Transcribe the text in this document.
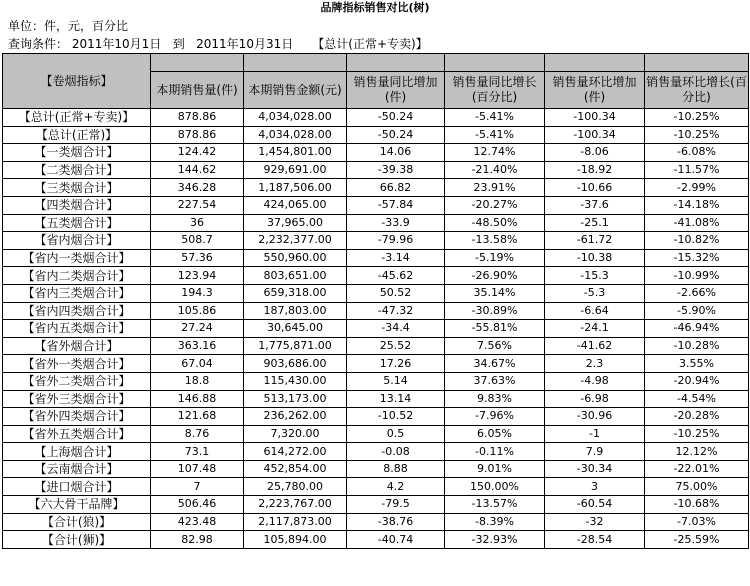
品牌指标销售对比(树)
单位：件，元，百分比
查询条件： 2011年10月1日   到   2011年10月31日     【总计(正常+专卖)】
【卷烟指标】						
	本期销售量(件)	本期销售金额(元)	销售量同比增加(件)	销售量同比增长(百分比)	销售量环比增加(件)	销售量环比增长(百分比)
【总计(正常+专卖)】	878.86	4,034,028.00	-50.24	-5.41%	-100.34	-10.25%
【总计(正常)】	878.86	4,034,028.00	-50.24	-5.41%	-100.34	-10.25%
【一类烟合计】	124.42	1,454,801.00	14.06	12.74%	-8.06	-6.08%
【二类烟合计】	144.62	929,691.00	-39.38	-21.40%	-18.92	-11.57%
【三类烟合计】	346.28	1,187,506.00	66.82	23.91%	-10.66	-2.99%
【四类烟合计】	227.54	424,065.00	-57.84	-20.27%	-37.6	-14.18%
【五类烟合计】	36	37,965.00	-33.9	-48.50%	-25.1	-41.08%
【省内烟合计】	508.7	2,232,377.00	-79.96	-13.58%	-61.72	-10.82%
【省内一类烟合计】	57.36	550,960.00	-3.14	-5.19%	-10.38	-15.32%
【省内二类烟合计】	123.94	803,651.00	-45.62	-26.90%	-15.3	-10.99%
【省内三类烟合计】	194.3	659,318.00	50.52	35.14%	-5.3	-2.66%
【省内四类烟合计】	105.86	187,803.00	-47.32	-30.89%	-6.64	-5.90%
【省内五类烟合计】	27.24	30,645.00	-34.4	-55.81%	-24.1	-46.94%
【省外烟合计】	363.16	1,775,871.00	25.52	7.56%	-41.62	-10.28%
【省外一类烟合计】	67.04	903,686.00	17.26	34.67%	2.3	3.55%
【省外二类烟合计】	18.8	115,430.00	5.14	37.63%	-4.98	-20.94%
【省外三类烟合计】	146.88	513,173.00	13.14	9.83%	-6.98	-4.54%
【省外四类烟合计】	121.68	236,262.00	-10.52	-7.96%	-30.96	-20.28%
【省外五类烟合计】	8.76	7,320.00	0.5	6.05%	-1	-10.25%
【上海烟合计】	73.1	614,272.00	-0.08	-0.11%	7.9	12.12%
【云南烟合计】	107.48	452,854.00	8.88	9.01%	-30.34	-22.01%
【进口烟合计】	7	25,780.00	4.2	150.00%	3	75.00%
【六大骨干品牌】	506.46	2,223,767.00	-79.5	-13.57%	-60.54	-10.68%
【合计(狼)】	423.48	2,117,873.00	-38.76	-8.39%	-32	-7.03%
【合计(狮)】	82.98	105,894.00	-40.74	-32.93%	-28.54	-25.59%
